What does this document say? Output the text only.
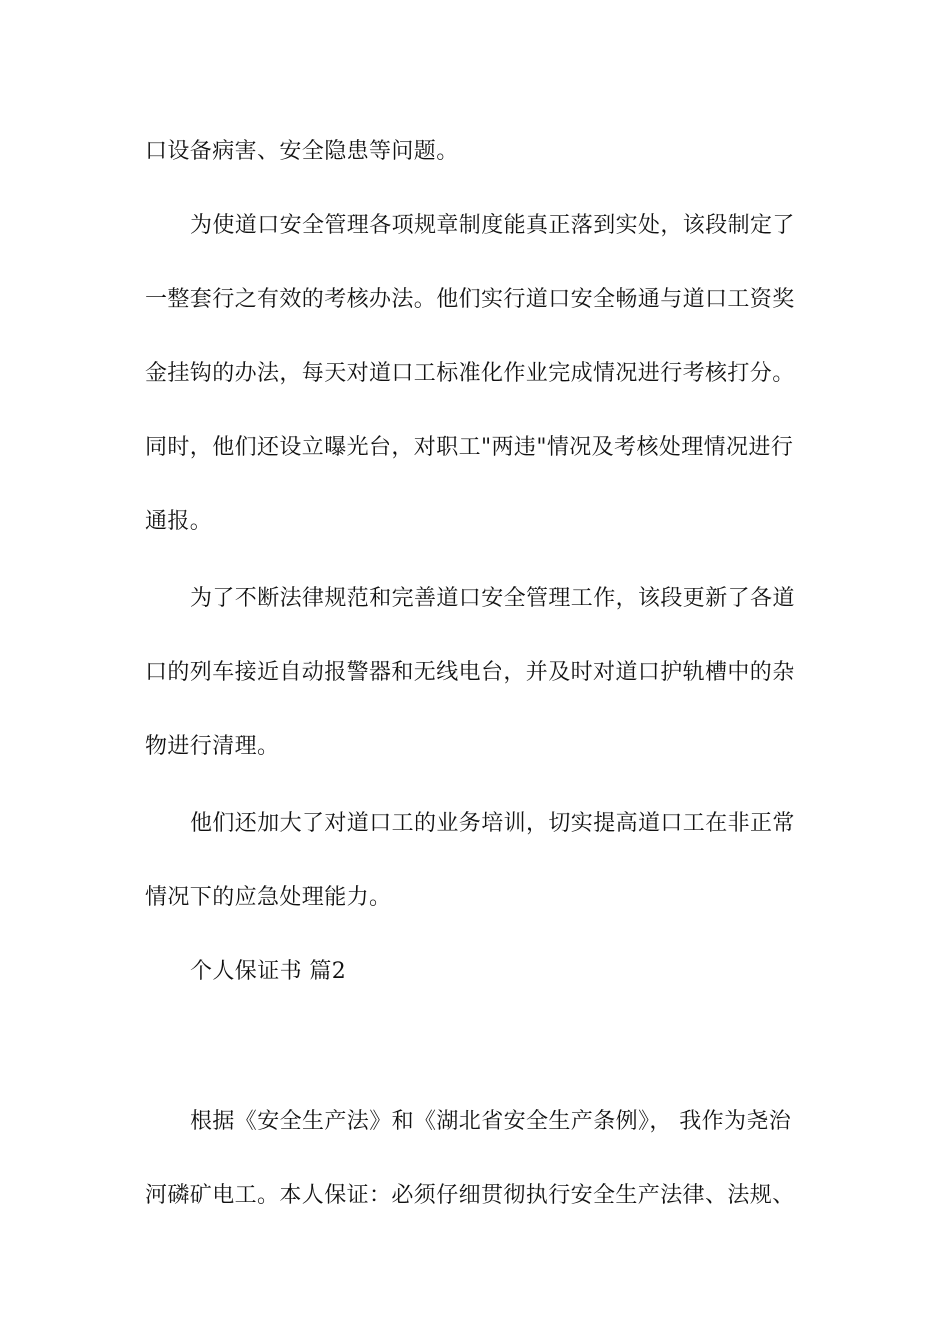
口设备病害、安全隐患等问题。
为使道口安全管理各项规章制度能真正落到实处，该段制定了
一整套行之有效的考核办法。他们实行道口安全畅通与道口工资奖
金挂钩的办法，每天对道口工标准化作业完成情况进行考核打分。
同时，他们还设立曝光台，对职工"两违"情况及考核处理情况进行
通报。
为了不断法律规范和完善道口安全管理工作，该段更新了各道
口的列车接近自动报警器和无线电台，并及时对道口护轨槽中的杂
物进行清理。
他们还加大了对道口工的业务培训，切实提高道口工在非正常
情况下的应急处理能力。
个人保证书 篇2
根据《安全生产法》和《湖北省安全生产条例》， 我作为尧治
河磷矿电工。本人保证：必须仔细贯彻执行安全生产法律、法规、
